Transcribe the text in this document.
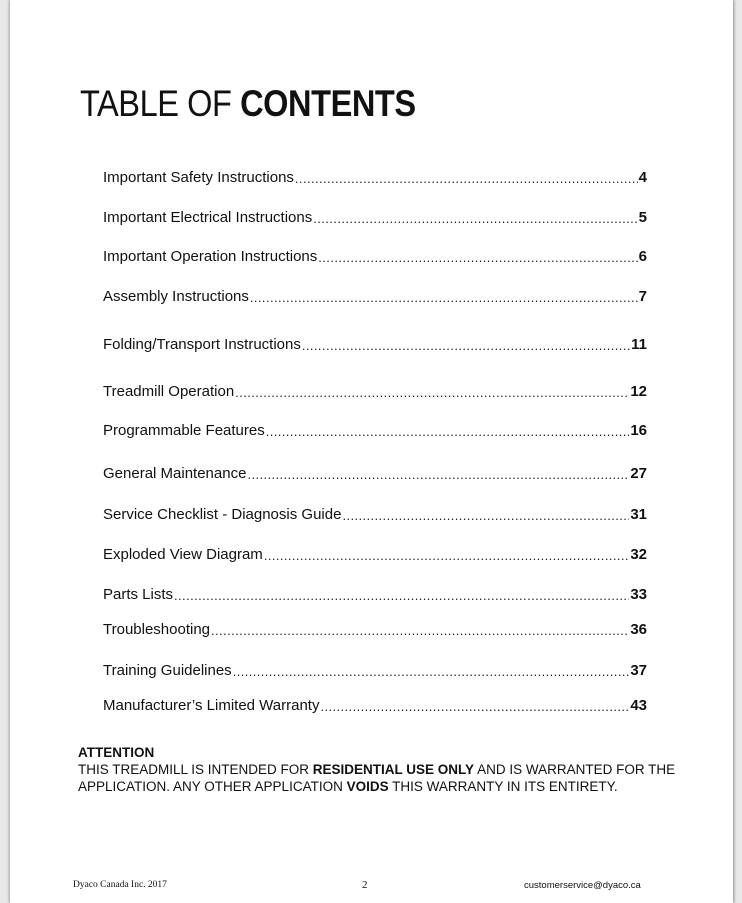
TABLE OF CONTENTS
Important Safety Instructions .....	4
Important Electrical Instructions .....	5
Important Operation Instructions .....	6
Assembly Instructions .....	7
Folding/Transport Instructions .....	11
Treadmill Operation .....	12
Programmable Features .....	16
General Maintenance .....	27
Service Checklist - Diagnosis Guide .....	31
Exploded View Diagram .....	32
Parts Lists .....	33
Troubleshooting .....	36
Training Guidelines .....	37
Manufacturer’s Limited Warranty .....	43
ATTENTION
THIS TREADMILL IS INTENDED FOR RESIDENTIAL USE ONLY AND IS WARRANTED FOR THE APPLICATION. ANY OTHER APPLICATION VOIDS THIS WARRANTY IN ITS ENTIRETY.
Dyaco Canada Inc. 2017	2	customerservice@dyaco.ca
